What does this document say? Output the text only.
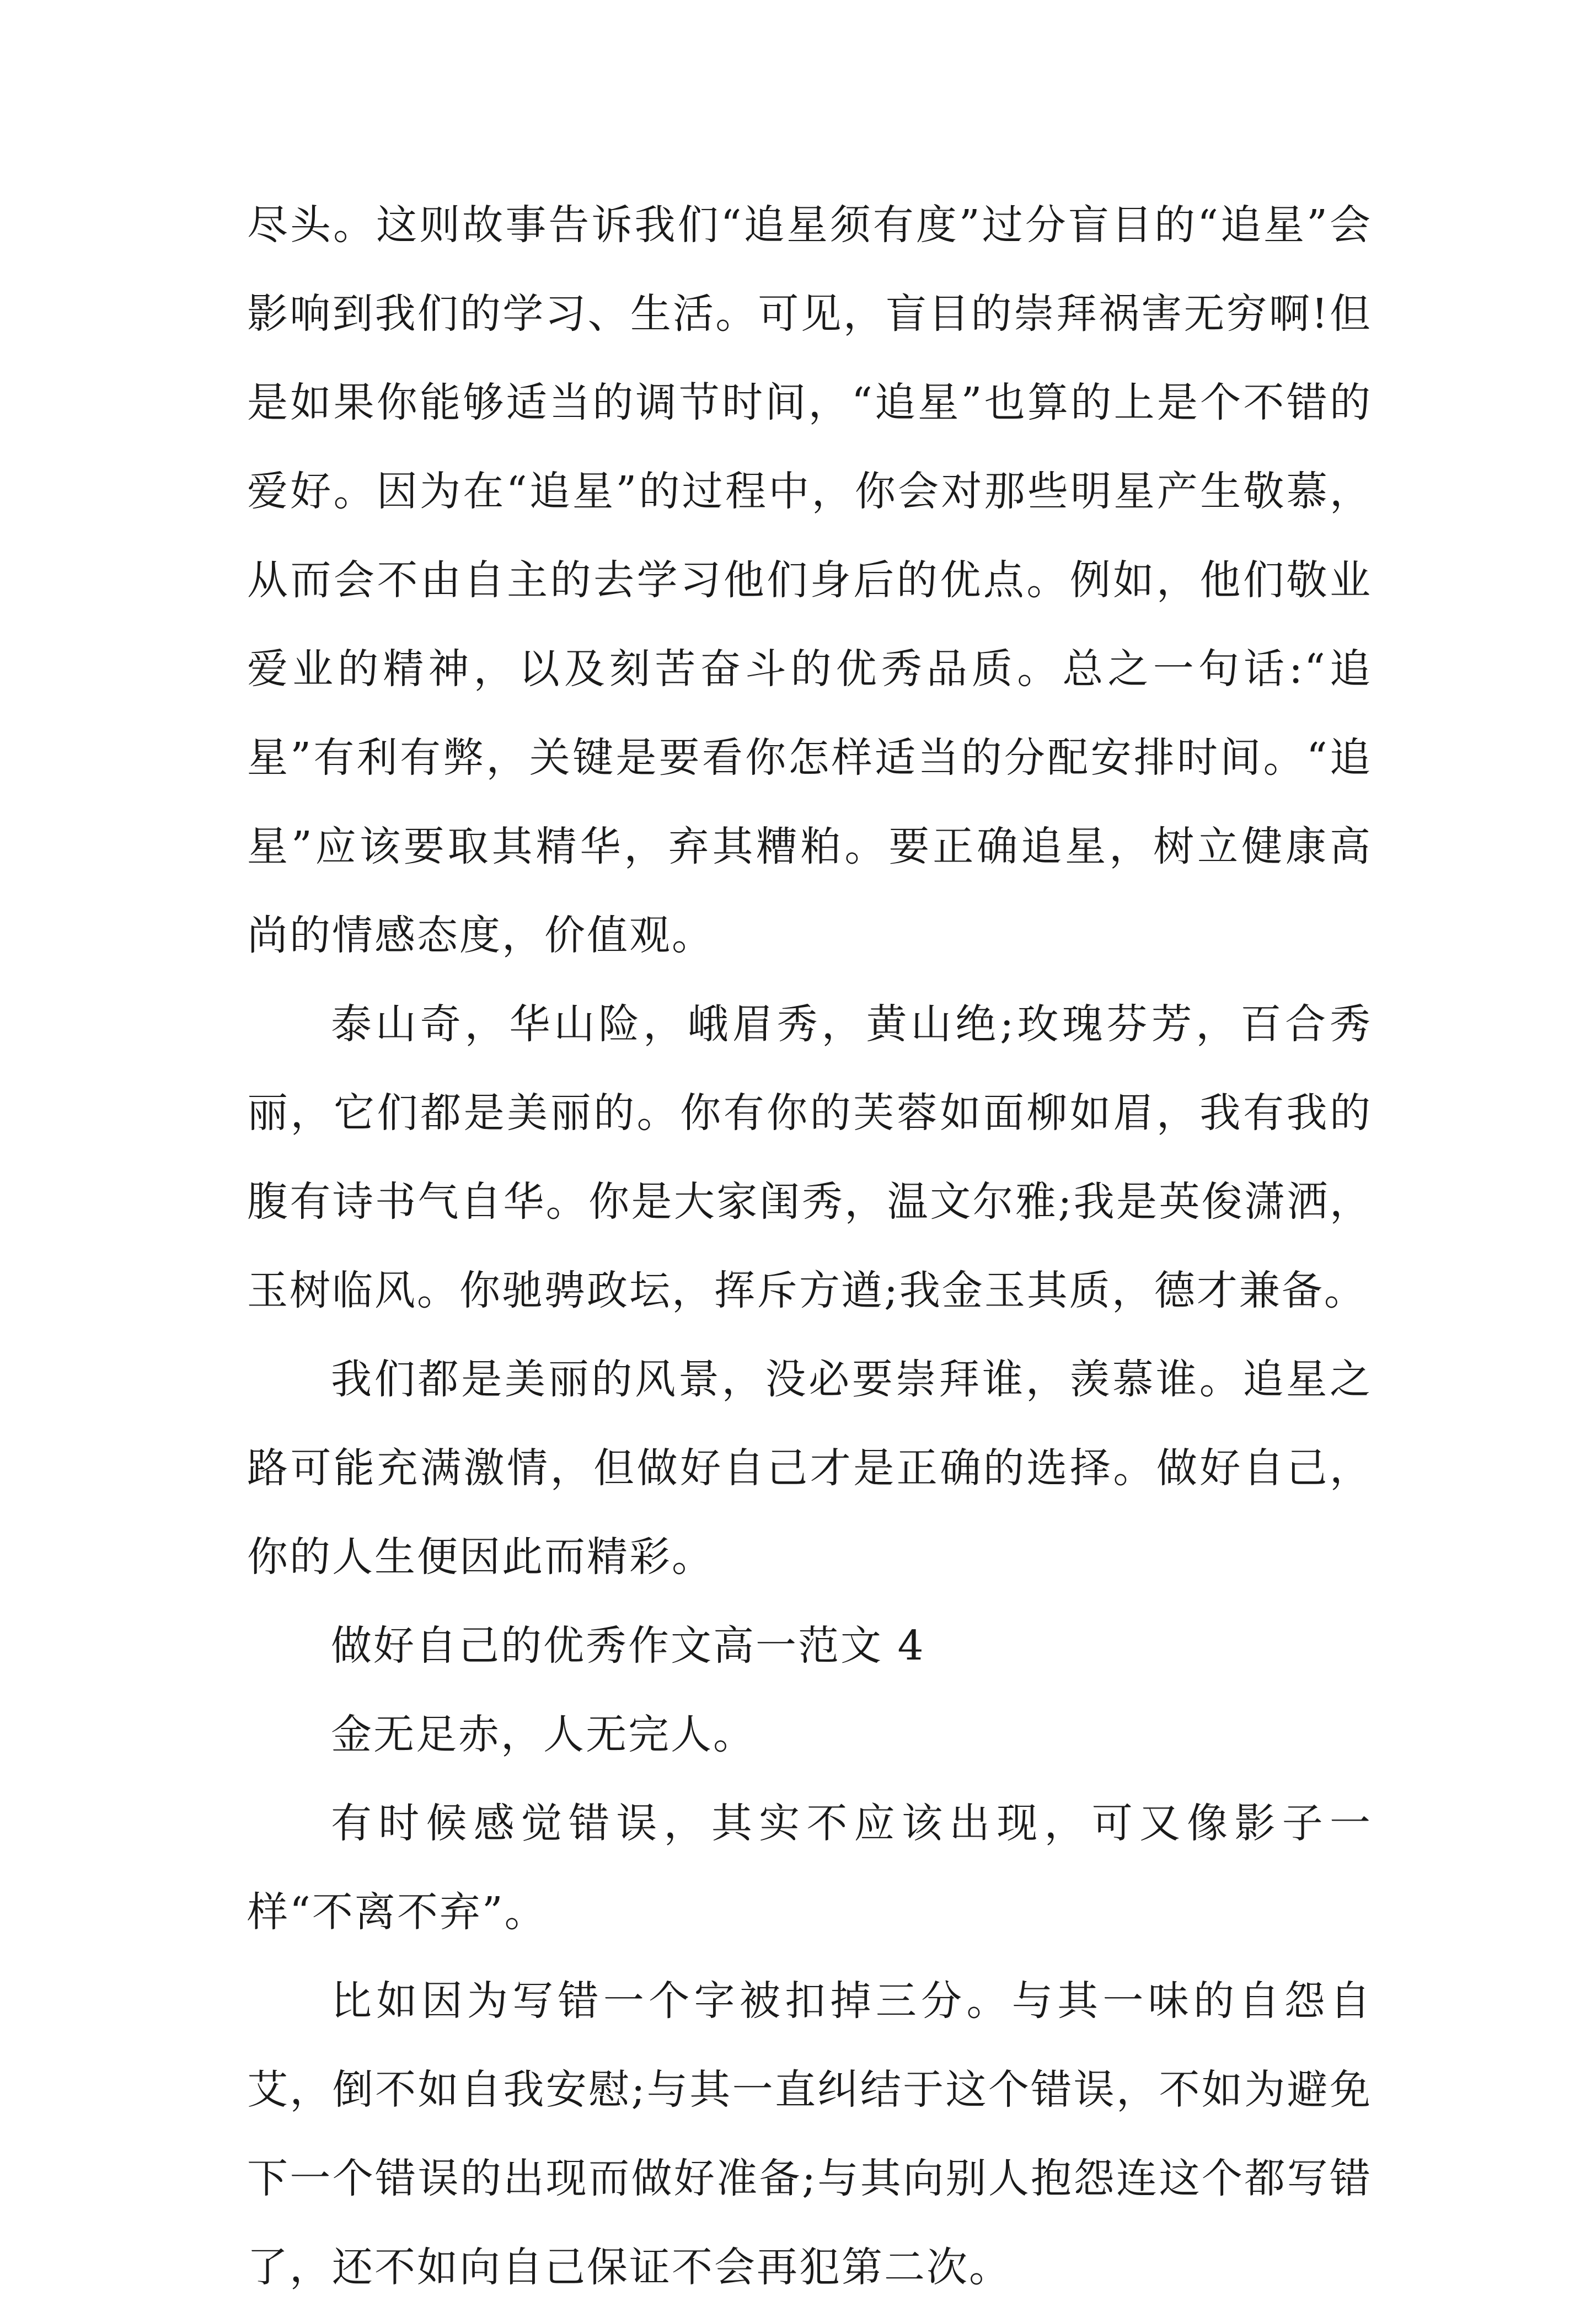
尽头。这则故事告诉我们“追星须有度”过分盲目的“追星”会影响到我们的学习、生活。可见，盲目的崇拜祸害无穷啊!但是如果你能够适当的调节时间，“追星”也算的上是个不错的爱好。因为在“追星”的过程中，你会对那些明星产生敬慕，从而会不由自主的去学习他们身后的优点。例如，他们敬业爱业的精神，以及刻苦奋斗的优秀品质。总之一句话:“追星”有利有弊，关键是要看你怎样适当的分配安排时间。“追星”应该要取其精华，弃其糟粕。要正确追星，树立健康高尚的情感态度，价值观。

泰山奇，华山险，峨眉秀，黄山绝;玫瑰芬芳，百合秀丽，它们都是美丽的。你有你的芙蓉如面柳如眉，我有我的腹有诗书气自华。你是大家闺秀，温文尔雅;我是英俊潇洒，玉树临风。你驰骋政坛，挥斥方遒;我金玉其质，德才兼备。

我们都是美丽的风景，没必要崇拜谁，羡慕谁。追星之路可能充满激情，但做好自己才是正确的选择。做好自己，你的人生便因此而精彩。

做好自己的优秀作文高一范文 4

金无足赤，人无完人。

有时候感觉错误，其实不应该出现，可又像影子一样“不离不弃”。

比如因为写错一个字被扣掉三分。与其一味的自怨自艾，倒不如自我安慰;与其一直纠结于这个错误，不如为避免下一个错误的出现而做好准备;与其向别人抱怨连这个都写错了，还不如向自己保证不会再犯第二次。
